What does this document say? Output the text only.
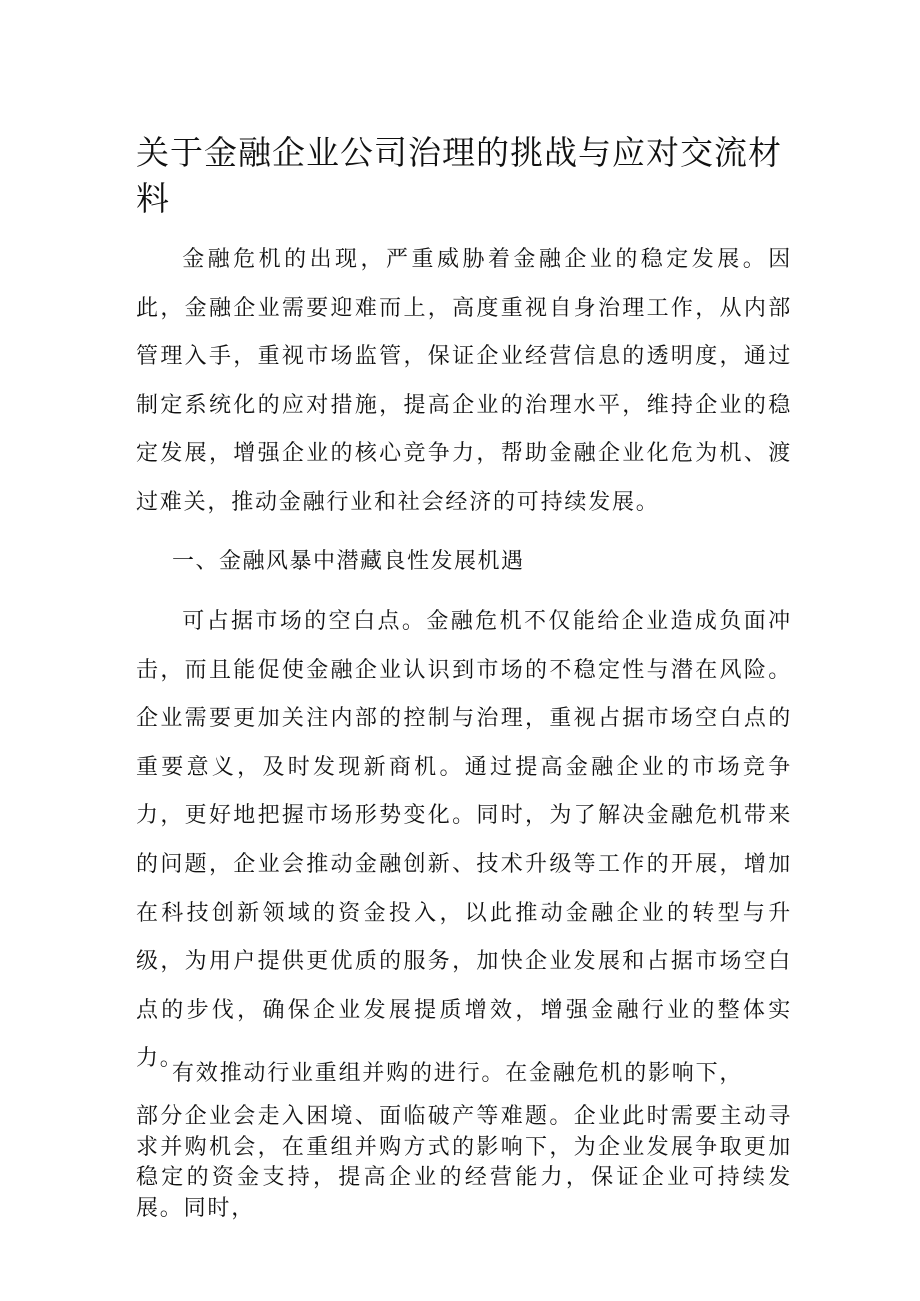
关于金融企业公司治理的挑战与应对交流材料

金融危机的出现，严重威胁着金融企业的稳定发展。因此，金融企业需要迎难而上，高度重视自身治理工作，从内部管理入手，重视市场监管，保证企业经营信息的透明度，通过制定系统化的应对措施，提高企业的治理水平，维持企业的稳定发展，增强企业的核心竞争力，帮助金融企业化危为机、渡过难关，推动金融行业和社会经济的可持续发展。

一、金融风暴中潜藏良性发展机遇

可占据市场的空白点。金融危机不仅能给企业造成负面冲击，而且能促使金融企业认识到市场的不稳定性与潜在风险。企业需要更加关注内部的控制与治理，重视占据市场空白点的重要意义，及时发现新商机。通过提高金融企业的市场竞争力，更好地把握市场形势变化。同时，为了解决金融危机带来的问题，企业会推动金融创新、技术升级等工作的开展，增加在科技创新领域的资金投入，以此推动金融企业的转型与升级，为用户提供更优质的服务，加快企业发展和占据市场空白点的步伐，确保企业发展提质增效，增强金融行业的整体实力。

有效推动行业重组并购的进行。在金融危机的影响下，

部分企业会走入困境、面临破产等难题。企业此时需要主动寻求并购机会，在重组并购方式的影响下，为企业发展争取更加稳定的资金支持，提高企业的经营能力，保证企业可持续发展。同时，
